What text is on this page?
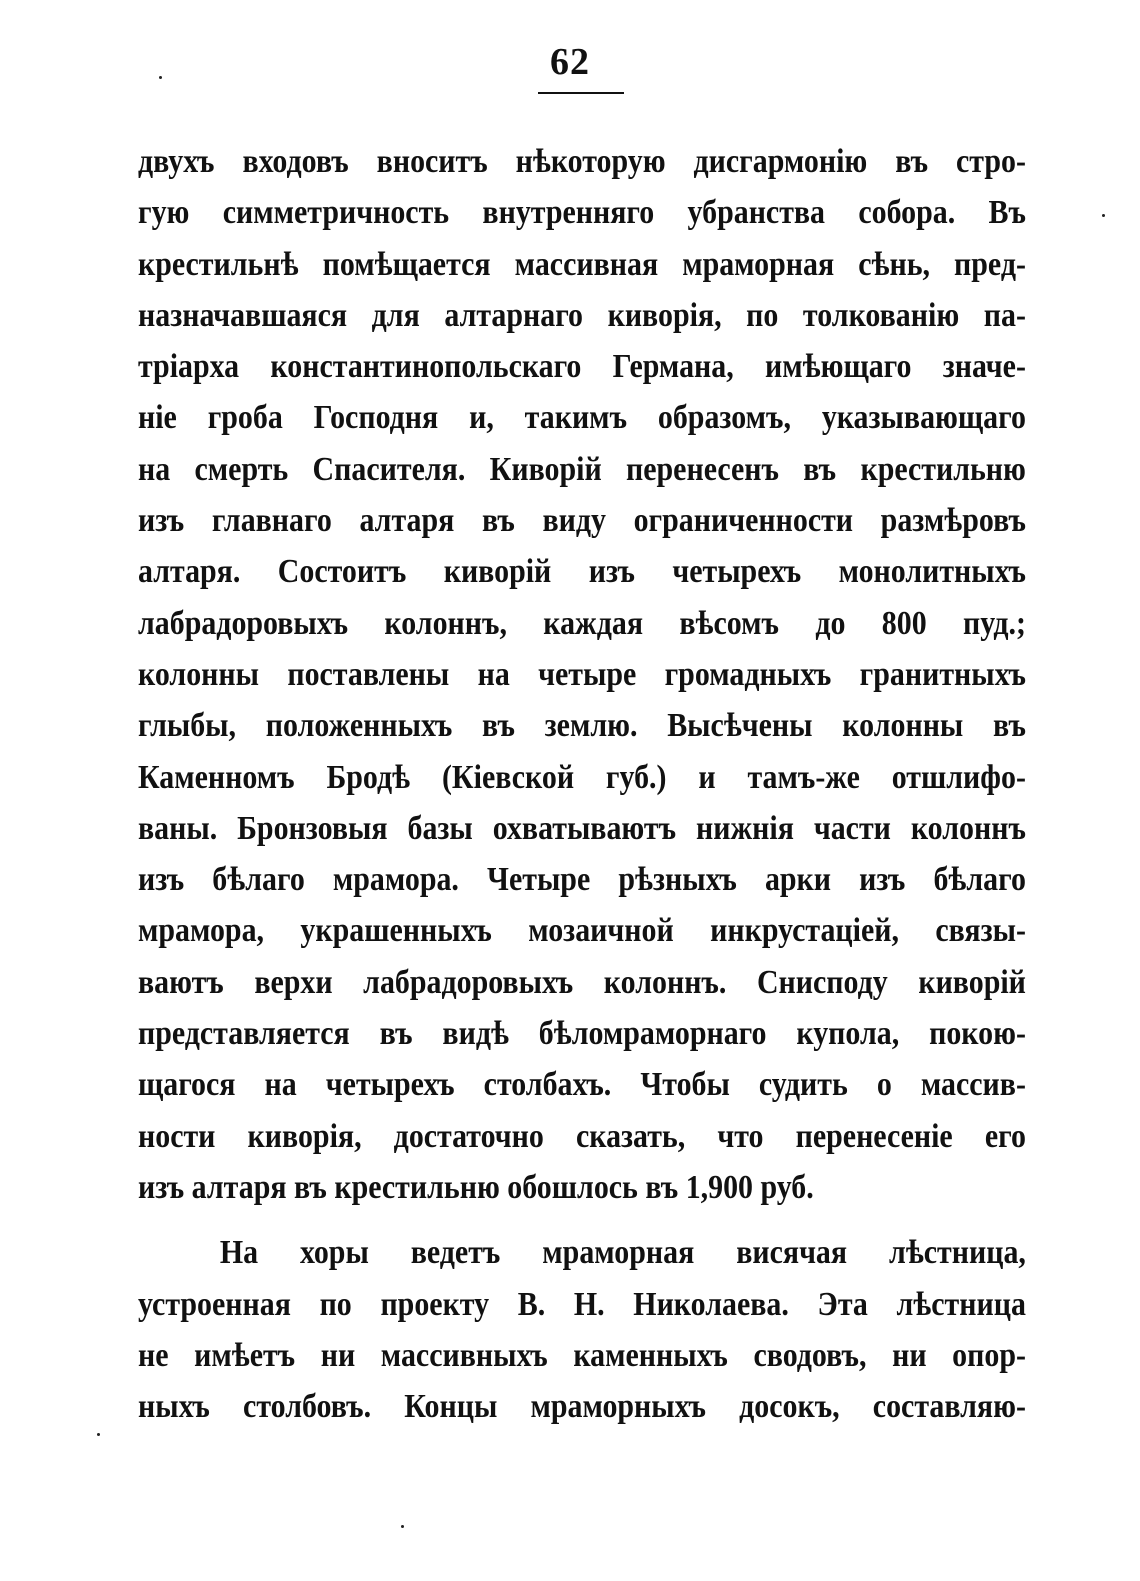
62
двухъ входовъ вноситъ нѣкоторую дисгармонію въ стро-
гую симметричность внутренняго убранства собора. Въ
крестильнѣ помѣщается массивная мраморная сѣнь, пред-
назначавшаяся для алтарнаго киворія, по толкованію па-
тріарха константинопольскаго Германа, имѣющаго значе-
ніе гроба Господня и, такимъ образомъ, указывающаго
на смерть Спасителя. Киворій перенесенъ въ крестильню
изъ главнаго алтаря въ виду ограниченности размѣровъ
алтаря. Состоитъ киворій изъ четырехъ монолитныхъ
лабрадоровыхъ колоннъ, каждая вѣсомъ до 800 пуд.;
колонны поставлены на четыре громадныхъ гранитныхъ
глыбы, положенныхъ въ землю. Высѣчены колонны въ
Каменномъ Бродѣ (Кіевской губ.) и тамъ-же отшлифо-
ваны. Бронзовыя базы охватываютъ нижнія части колоннъ
изъ бѣлаго мрамора. Четыре рѣзныхъ арки изъ бѣлаго
мрамора, украшенныхъ мозаичной инкрустаціей, связы-
ваютъ верхи лабрадоровыхъ колоннъ. Снисподу киворій
представляется въ видѣ бѣломраморнаго купола, покою-
щагося на четырехъ столбахъ. Чтобы судить о массив-
ности киворія, достаточно сказать, что перенесеніе его
изъ алтаря въ крестильню обошлось въ 1,900 руб.
На хоры ведетъ мраморная висячая лѣстница,
устроенная по проекту В. Н. Николаева. Эта лѣстница
не имѣетъ ни массивныхъ каменныхъ сводовъ, ни опор-
ныхъ столбовъ. Концы мраморныхъ досокъ, составляю-
